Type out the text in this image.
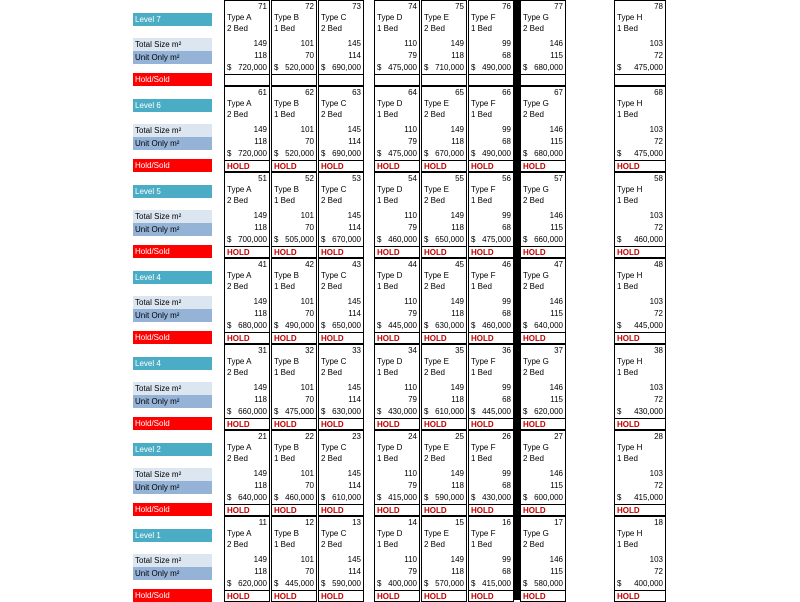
Level 7
Total Size m²
Unit Only m²
Hold/Sold
71
Type A
2 Bed
149
118
$ 720,000
72
Type B
1 Bed
101
70
$ 520,000
73
Type C
2 Bed
145
114
$ 690,000
74
Type D
1 Bed
110
79
$ 475,000
75
Type E
2 Bed
149
118
$ 710,000
76
Type F
1 Bed
99
68
$ 490,000
77
Type G
2 Bed
146
115
$ 680,000
78
Type H
1 Bed
103
72
$ 475,000
Level 6
Total Size m²
Unit Only m²
Hold/Sold
61
Type A
2 Bed
149
118
$ 720,000
HOLD
62
Type B
1 Bed
101
70
$ 520,000
HOLD
63
Type C
2 Bed
145
114
$ 690,000
HOLD
64
Type D
1 Bed
110
79
$ 475,000
HOLD
65
Type E
2 Bed
149
118
$ 670,000
HOLD
66
Type F
1 Bed
99
68
$ 490,000
HOLD
67
Type G
2 Bed
146
115
$ 680,000
HOLD
68
Type H
1 Bed
103
72
$ 475,000
HOLD
Level 5
Total Size m²
Unit Only m²
Hold/Sold
51
Type A
2 Bed
149
118
$ 700,000
HOLD
52
Type B
1 Bed
101
70
$ 505,000
HOLD
53
Type C
2 Bed
145
114
$ 670,000
HOLD
54
Type D
1 Bed
110
79
$ 460,000
HOLD
55
Type E
2 Bed
149
118
$ 650,000
HOLD
56
Type F
1 Bed
99
68
$ 475,000
HOLD
57
Type G
2 Bed
146
115
$ 660,000
HOLD
58
Type H
1 Bed
103
72
$ 460,000
HOLD
Level 4
Total Size m²
Unit Only m²
Hold/Sold
41
Type A
2 Bed
149
118
$ 680,000
HOLD
42
Type B
1 Bed
101
70
$ 490,000
HOLD
43
Type C
2 Bed
145
114
$ 650,000
HOLD
44
Type D
1 Bed
110
79
$ 445,000
HOLD
45
Type E
2 Bed
149
118
$ 630,000
HOLD
46
Type F
1 Bed
99
68
$ 460,000
HOLD
47
Type G
2 Bed
146
115
$ 640,000
HOLD
48
Type H
1 Bed
103
72
$ 445,000
HOLD
Level 4
Total Size m²
Unit Only m²
Hold/Sold
31
Type A
2 Bed
149
118
$ 660,000
HOLD
32
Type B
1 Bed
101
70
$ 475,000
HOLD
33
Type C
2 Bed
145
114
$ 630,000
HOLD
34
Type D
1 Bed
110
79
$ 430,000
HOLD
35
Type E
2 Bed
149
118
$ 610,000
HOLD
36
Type F
1 Bed
99
68
$ 445,000
HOLD
37
Type G
2 Bed
146
115
$ 620,000
HOLD
38
Type H
1 Bed
103
72
$ 430,000
HOLD
Level 2
Total Size m²
Unit Only m²
Hold/Sold
21
Type A
2 Bed
149
118
$ 640,000
HOLD
22
Type B
1 Bed
101
70
$ 460,000
HOLD
23
Type C
2 Bed
145
114
$ 610,000
HOLD
24
Type D
1 Bed
110
79
$ 415,000
HOLD
25
Type E
2 Bed
149
118
$ 590,000
HOLD
26
Type F
1 Bed
99
68
$ 430,000
HOLD
27
Type G
2 Bed
146
115
$ 600,000
HOLD
28
Type H
1 Bed
103
72
$ 415,000
HOLD
Level 1
Total Size m²
Unit Only m²
Hold/Sold
11
Type A
2 Bed
149
118
$ 620,000
HOLD
12
Type B
1 Bed
101
70
$ 445,000
HOLD
13
Type C
2 Bed
145
114
$ 590,000
HOLD
14
Type D
1 Bed
110
79
$ 400,000
HOLD
15
Type E
2 Bed
149
118
$ 570,000
HOLD
16
Type F
1 Bed
99
68
$ 415,000
HOLD
17
Type G
2 Bed
146
115
$ 580,000
HOLD
18
Type H
1 Bed
103
72
$ 400,000
HOLD
